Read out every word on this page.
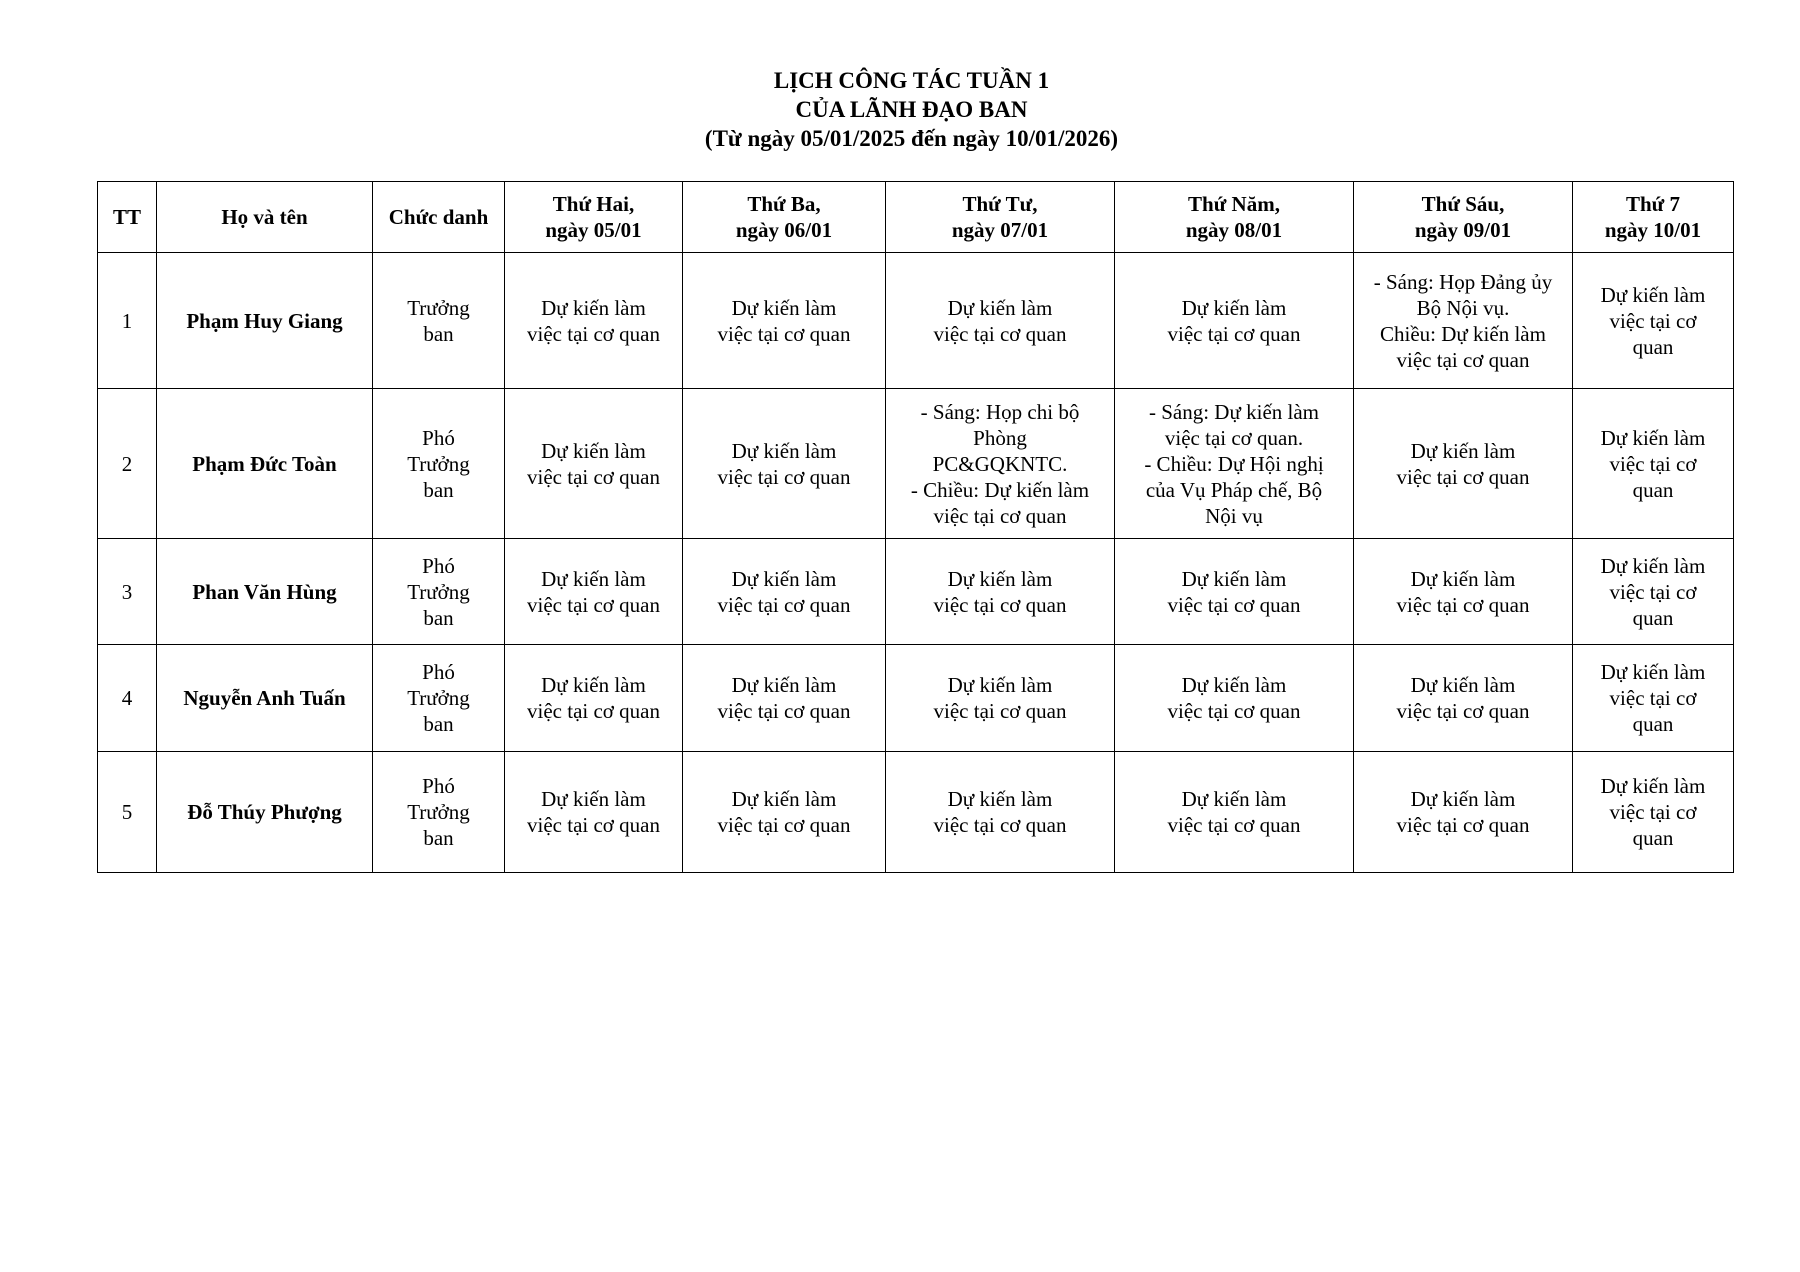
LỊCH CÔNG TÁC TUẦN 1
CỦA LÃNH ĐẠO BAN
(Từ ngày 05/01/2025 đến ngày 10/01/2026)
TT	Họ và tên	Chức danh	Thứ Hai,
ngày 05/01	Thứ Ba,
ngày 06/01	Thứ Tư,
ngày 07/01	Thứ Năm,
ngày 08/01	Thứ Sáu,
ngày 09/01	Thứ 7
ngày 10/01

1	Phạm Huy Giang	Trưởng
ban	Dự kiến làm
việc tại cơ quan	Dự kiến làm
việc tại cơ quan	Dự kiến làm
việc tại cơ quan	Dự kiến làm
việc tại cơ quan	- Sáng: Họp Đảng ủy
Bộ Nội vụ.
Chiều: Dự kiến làm
việc tại cơ quan	Dự kiến làm
việc tại cơ
quan

2	Phạm Đức Toàn	Phó
Trưởng
ban	Dự kiến làm
việc tại cơ quan	Dự kiến làm
việc tại cơ quan	- Sáng: Họp chi bộ
Phòng
PC&GQKNTC.
- Chiều: Dự kiến làm
việc tại cơ quan	- Sáng: Dự kiến làm
việc tại cơ quan.
- Chiều: Dự Hội nghị
của Vụ Pháp chế, Bộ
Nội vụ	Dự kiến làm
việc tại cơ quan	Dự kiến làm
việc tại cơ
quan

3	Phan Văn Hùng	Phó
Trưởng
ban	Dự kiến làm
việc tại cơ quan	Dự kiến làm
việc tại cơ quan	Dự kiến làm
việc tại cơ quan	Dự kiến làm
việc tại cơ quan	Dự kiến làm
việc tại cơ quan	Dự kiến làm
việc tại cơ
quan

4	Nguyễn Anh Tuấn	Phó
Trưởng
ban	Dự kiến làm
việc tại cơ quan	Dự kiến làm
việc tại cơ quan	Dự kiến làm
việc tại cơ quan	Dự kiến làm
việc tại cơ quan	Dự kiến làm
việc tại cơ quan	Dự kiến làm
việc tại cơ
quan

5	Đỗ Thúy Phượng	Phó
Trưởng
ban	Dự kiến làm
việc tại cơ quan	Dự kiến làm
việc tại cơ quan	Dự kiến làm
việc tại cơ quan	Dự kiến làm
việc tại cơ quan	Dự kiến làm
việc tại cơ quan	Dự kiến làm
việc tại cơ
quan
